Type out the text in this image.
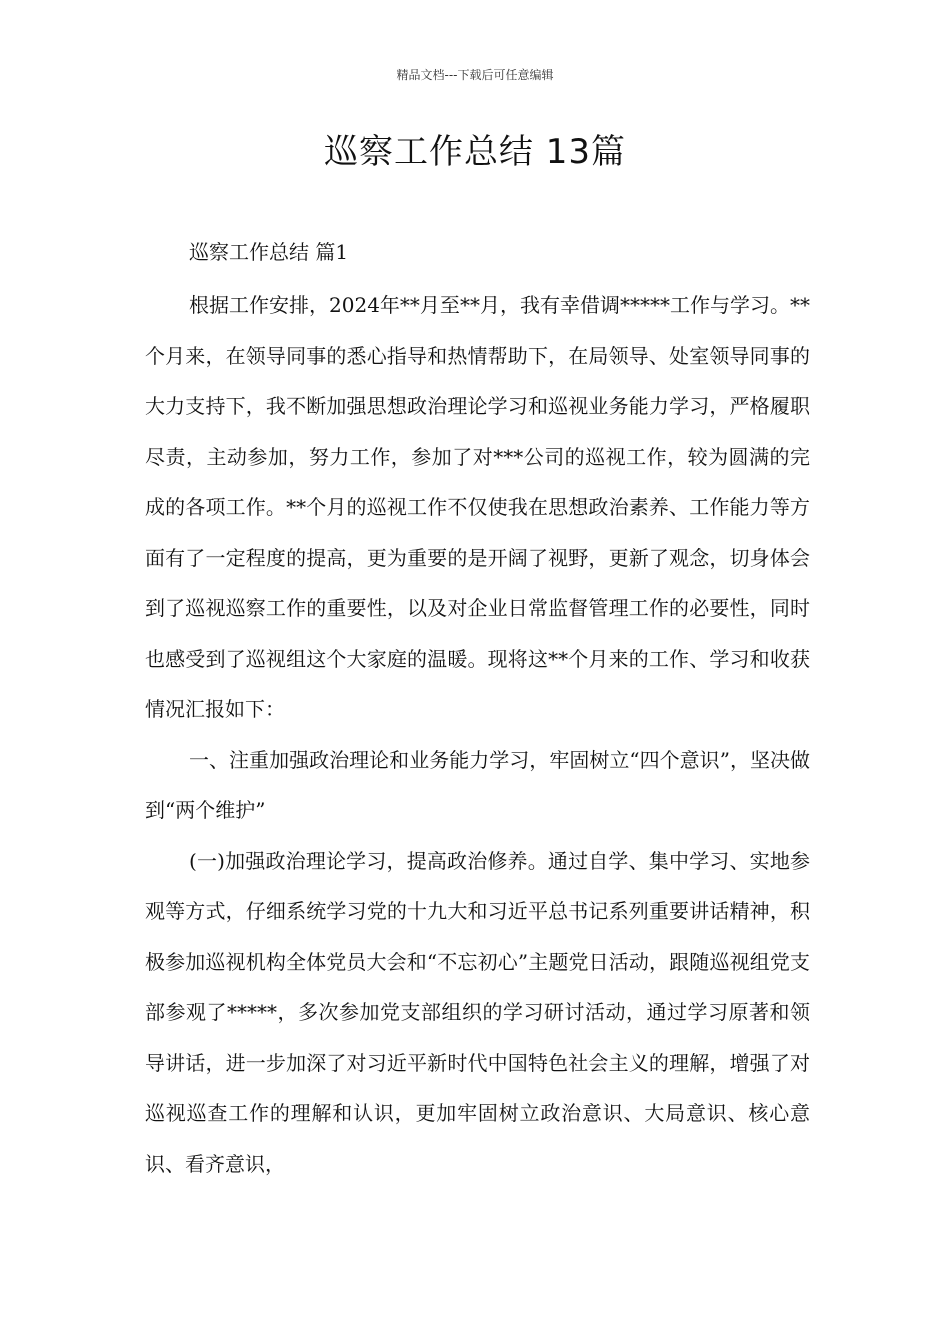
精品文档---下载后可任意编辑
巡察工作总结 13篇

巡察工作总结 篇1

根据工作安排，2024年**月至**月，我有幸借调*****工作与学习。**个月来，在领导同事的悉心指导和热情帮助下，在局领导、处室领导同事的大力支持下，我不断加强思想政治理论学习和巡视业务能力学习，严格履职尽责，主动参加，努力工作，参加了对***公司的巡视工作，较为圆满的完成的各项工作。**个月的巡视工作不仅使我在思想政治素养、工作能力等方面有了一定程度的提高，更为重要的是开阔了视野，更新了观念，切身体会到了巡视巡察工作的重要性，以及对企业日常监督管理工作的必要性，同时也感受到了巡视组这个大家庭的温暖。现将这**个月来的工作、学习和收获情况汇报如下：

一、注重加强政治理论和业务能力学习，牢固树立“四个意识”，坚决做到“两个维护”

(一)加强政治理论学习，提高政治修养。通过自学、集中学习、实地参观等方式，仔细系统学习党的十九大和习近平总书记系列重要讲话精神，积极参加巡视机构全体党员大会和“不忘初心”主题党日活动，跟随巡视组党支部参观了*****，多次参加党支部组织的学习研讨活动，通过学习原著和领导讲话，进一步加深了对习近平新时代中国特色社会主义的理解，增强了对巡视巡查工作的理解和认识，更加牢固树立政治意识、大局意识、核心意识、看齐意识，
